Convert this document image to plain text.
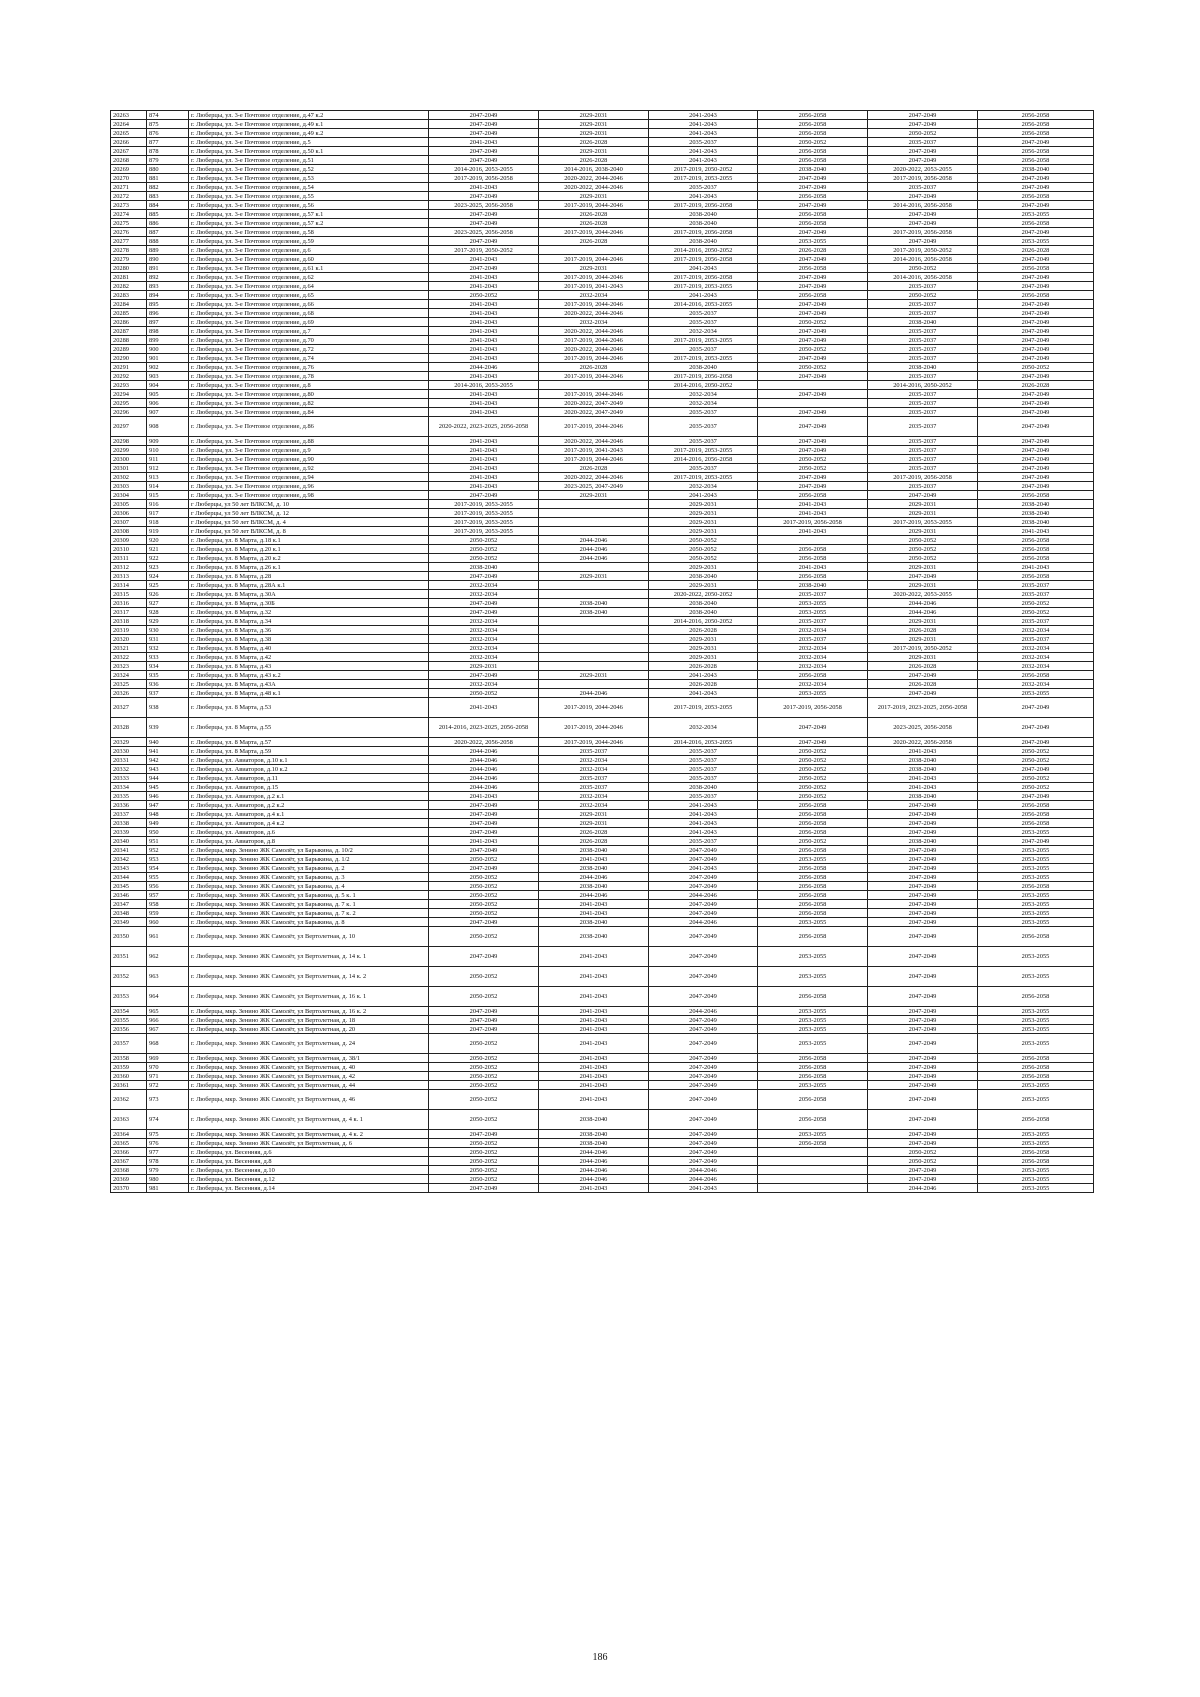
20263	874	г. Люберцы, ул. 3-е Почтовое отделение, д.47 к.2	2047-2049	2029-2031	2041-2043	2056-2058	2047-2049	2056-2058
20264	875	г. Люберцы, ул. 3-е Почтовое отделение, д.49 к.1	2047-2049	2029-2031	2041-2043	2056-2058	2047-2049	2056-2058
20265	876	г. Люберцы, ул. 3-е Почтовое отделение, д.49 к.2	2047-2049	2029-2031	2041-2043	2056-2058	2050-2052	2056-2058
20266	877	г. Люберцы, ул. 3-е Почтовое отделение, д.5	2041-2043	2026-2028	2035-2037	2050-2052	2035-2037	2047-2049
20267	878	г. Люберцы, ул. 3-е Почтовое отделение, д.50 к.1	2047-2049	2029-2031	2041-2043	2056-2058	2047-2049	2056-2058
20268	879	г. Люберцы, ул. 3-е Почтовое отделение, д.51	2047-2049	2026-2028	2041-2043	2056-2058	2047-2049	2056-2058
20269	880	г. Люберцы, ул. 3-е Почтовое отделение, д.52	2014-2016, 2053-2055	2014-2016, 2038-2040	2017-2019, 2050-2052	2038-2040	2020-2022, 2053-2055	2038-2040
20270	881	г. Люберцы, ул. 3-е Почтовое отделение, д.53	2017-2019, 2056-2058	2020-2022, 2044-2046	2017-2019, 2053-2055	2047-2049	2017-2019, 2056-2058	2047-2049
20271	882	г. Люберцы, ул. 3-е Почтовое отделение, д.54	2041-2043	2020-2022, 2044-2046	2035-2037	2047-2049	2035-2037	2047-2049
20272	883	г. Люберцы, ул. 3-е Почтовое отделение, д.55	2047-2049	2029-2031	2041-2043	2056-2058	2047-2049	2056-2058
20273	884	г. Люберцы, ул. 3-е Почтовое отделение, д.56	2023-2025, 2056-2058	2017-2019, 2044-2046	2017-2019, 2056-2058	2047-2049	2014-2016, 2056-2058	2047-2049
20274	885	г. Люберцы, ул. 3-е Почтовое отделение, д.57 к.1	2047-2049	2026-2028	2038-2040	2056-2058	2047-2049	2053-2055
20275	886	г. Люберцы, ул. 3-е Почтовое отделение, д.57 к.2	2047-2049	2026-2028	2038-2040	2056-2058	2047-2049	2056-2058
20276	887	г. Люберцы, ул. 3-е Почтовое отделение, д.58	2023-2025, 2056-2058	2017-2019, 2044-2046	2017-2019, 2056-2058	2047-2049	2017-2019, 2056-2058	2047-2049
20277	888	г. Люберцы, ул. 3-е Почтовое отделение, д.59	2047-2049	2026-2028	2038-2040	2053-2055	2047-2049	2053-2055
20278	889	г. Люберцы, ул. 3-е Почтовое отделение, д.6	2017-2019, 2050-2052		2014-2016, 2050-2052	2026-2028	2017-2019, 2050-2052	2026-2028
20279	890	г. Люберцы, ул. 3-е Почтовое отделение, д.60	2041-2043	2017-2019, 2044-2046	2017-2019, 2056-2058	2047-2049	2014-2016, 2056-2058	2047-2049
20280	891	г. Люберцы, ул. 3-е Почтовое отделение, д.61 к.1	2047-2049	2029-2031	2041-2043	2056-2058	2050-2052	2056-2058
20281	892	г. Люберцы, ул. 3-е Почтовое отделение, д.62	2041-2043	2017-2019, 2044-2046	2017-2019, 2056-2058	2047-2049	2014-2016, 2056-2058	2047-2049
20282	893	г. Люберцы, ул. 3-е Почтовое отделение, д.64	2041-2043	2017-2019, 2041-2043	2017-2019, 2053-2055	2047-2049	2035-2037	2047-2049
20283	894	г. Люберцы, ул. 3-е Почтовое отделение, д.65	2050-2052	2032-2034	2041-2043	2056-2058	2050-2052	2056-2058
20284	895	г. Люберцы, ул. 3-е Почтовое отделение, д.66	2041-2043	2017-2019, 2044-2046	2014-2016, 2053-2055	2047-2049	2035-2037	2047-2049
20285	896	г. Люберцы, ул. 3-е Почтовое отделение, д.68	2041-2043	2020-2022, 2044-2046	2035-2037	2047-2049	2035-2037	2047-2049
20286	897	г. Люберцы, ул. 3-е Почтовое отделение, д.69	2041-2043	2032-2034	2035-2037	2050-2052	2038-2040	2047-2049
20287	898	г. Люберцы, ул. 3-е Почтовое отделение, д.7	2041-2043	2020-2022, 2044-2046	2032-2034	2047-2049	2035-2037	2047-2049
20288	899	г. Люберцы, ул. 3-е Почтовое отделение, д.70	2041-2043	2017-2019, 2044-2046	2017-2019, 2053-2055	2047-2049	2035-2037	2047-2049
20289	900	г. Люберцы, ул. 3-е Почтовое отделение, д.72	2041-2043	2020-2022, 2044-2046	2035-2037	2050-2052	2035-2037	2047-2049
20290	901	г. Люберцы, ул. 3-е Почтовое отделение, д.74	2041-2043	2017-2019, 2044-2046	2017-2019, 2053-2055	2047-2049	2035-2037	2047-2049
20291	902	г. Люберцы, ул. 3-е Почтовое отделение, д.76	2044-2046	2026-2028	2038-2040	2050-2052	2038-2040	2050-2052
20292	903	г. Люберцы, ул. 3-е Почтовое отделение, д.78	2041-2043	2017-2019, 2044-2046	2017-2019, 2056-2058	2047-2049	2035-2037	2047-2049
20293	904	г. Люберцы, ул. 3-е Почтовое отделение, д.8	2014-2016, 2053-2055		2014-2016, 2050-2052		2014-2016, 2050-2052	2026-2028
20294	905	г. Люберцы, ул. 3-е Почтовое отделение, д.80	2041-2043	2017-2019, 2044-2046	2032-2034	2047-2049	2035-2037	2047-2049
20295	906	г. Люберцы, ул. 3-е Почтовое отделение, д.82	2041-2043	2020-2022, 2047-2049	2032-2034		2035-2037	2047-2049
20296	907	г. Люберцы, ул. 3-е Почтовое отделение, д.84	2041-2043	2020-2022, 2047-2049	2035-2037	2047-2049	2035-2037	2047-2049
20297	908	г. Люберцы, ул. 3-е Почтовое отделение, д.86	2020-2022, 2023-2025, 2056-2058	2017-2019, 2044-2046	2035-2037	2047-2049	2035-2037	2047-2049
20298	909	г. Люберцы, ул. 3-е Почтовое отделение, д.88	2041-2043	2020-2022, 2044-2046	2035-2037	2047-2049	2035-2037	2047-2049
20299	910	г. Люберцы, ул. 3-е Почтовое отделение, д.9	2041-2043	2017-2019, 2041-2043	2017-2019, 2053-2055	2047-2049	2035-2037	2047-2049
20300	911	г. Люберцы, ул. 3-е Почтовое отделение, д.90	2041-2043	2017-2019, 2044-2046	2014-2016, 2056-2058	2050-2052	2035-2037	2047-2049
20301	912	г. Люберцы, ул. 3-е Почтовое отделение, д.92	2041-2043	2026-2028	2035-2037	2050-2052	2035-2037	2047-2049
20302	913	г. Люберцы, ул. 3-е Почтовое отделение, д.94	2041-2043	2020-2022, 2044-2046	2017-2019, 2053-2055	2047-2049	2017-2019, 2056-2058	2047-2049
20303	914	г. Люберцы, ул. 3-е Почтовое отделение, д.96	2041-2043	2023-2025, 2047-2049	2032-2034	2047-2049	2035-2037	2047-2049
20304	915	г. Люберцы, ул. 3-е Почтовое отделение, д.98	2047-2049	2029-2031	2041-2043	2056-2058	2047-2049	2056-2058
20305	916	г Люберцы, ул 50 лет ВЛКСМ, д. 10	2017-2019, 2053-2055		2029-2031	2041-2043	2029-2031	2038-2040
20306	917	г Люберцы, ул 50 лет ВЛКСМ, д. 12	2017-2019, 2053-2055		2029-2031	2041-2043	2029-2031	2038-2040
20307	918	г Люберцы, ул 50 лет ВЛКСМ, д. 4	2017-2019, 2053-2055		2029-2031	2017-2019, 2056-2058	2017-2019, 2053-2055	2038-2040
20308	919	г Люберцы, ул 50 лет ВЛКСМ, д. 8	2017-2019, 2053-2055		2029-2031	2041-2043	2029-2031	2041-2043
20309	920	г. Люберцы, ул. 8 Марта, д.18 к.1	2050-2052	2044-2046	2050-2052		2050-2052	2056-2058
20310	921	г. Люберцы, ул. 8 Марта, д.20 к.1	2050-2052	2044-2046	2050-2052	2056-2058	2050-2052	2056-2058
20311	922	г. Люберцы, ул. 8 Марта, д.20 к.2	2050-2052	2044-2046	2050-2052	2056-2058	2050-2052	2056-2058
20312	923	г. Люберцы, ул. 8 Марта, д.26 к.1	2038-2040		2029-2031	2041-2043	2029-2031	2041-2043
20313	924	г. Люберцы, ул. 8 Марта, д.28	2047-2049	2029-2031	2038-2040	2056-2058	2047-2049	2056-2058
20314	925	г. Люберцы, ул. 8 Марта, д.28А к.1	2032-2034		2029-2031	2038-2040	2029-2031	2035-2037
20315	926	г. Люберцы, ул. 8 Марта, д.30А	2032-2034		2020-2022, 2050-2052	2035-2037	2020-2022, 2053-2055	2035-2037
20316	927	г. Люберцы, ул. 8 Марта, д.30Б	2047-2049	2038-2040	2038-2040	2053-2055	2044-2046	2050-2052
20317	928	г. Люберцы, ул. 8 Марта, д.32	2047-2049	2038-2040	2038-2040	2053-2055	2044-2046	2050-2052
20318	929	г. Люберцы, ул. 8 Марта, д.34	2032-2034		2014-2016, 2050-2052	2035-2037	2029-2031	2035-2037
20319	930	г. Люберцы, ул. 8 Марта, д.36	2032-2034		2026-2028	2032-2034	2026-2028	2032-2034
20320	931	г. Люберцы, ул. 8 Марта, д.38	2032-2034		2029-2031	2035-2037	2029-2031	2035-2037
20321	932	г. Люберцы, ул. 8 Марта, д.40	2032-2034		2029-2031	2032-2034	2017-2019, 2050-2052	2032-2034
20322	933	г. Люберцы, ул. 8 Марта, д.42	2032-2034		2029-2031	2032-2034	2029-2031	2032-2034
20323	934	г. Люберцы, ул. 8 Марта, д.43	2029-2031		2026-2028	2032-2034	2026-2028	2032-2034
20324	935	г. Люберцы, ул. 8 Марта, д.43 к.2	2047-2049	2029-2031	2041-2043	2056-2058	2047-2049	2056-2058
20325	936	г. Люберцы, ул. 8 Марта, д.43А	2032-2034		2026-2028	2032-2034	2026-2028	2032-2034
20326	937	г. Люберцы, ул. 8 Марта, д.48 к.1	2050-2052	2044-2046	2041-2043	2053-2055	2047-2049	2053-2055
20327	938	г. Люберцы, ул. 8 Марта, д.53	2041-2043	2017-2019, 2044-2046	2017-2019, 2053-2055	2017-2019, 2056-2058	2017-2019, 2023-2025, 2056-2058	2047-2049
20328	939	г. Люберцы, ул. 8 Марта, д.55	2014-2016, 2023-2025, 2056-2058	2017-2019, 2044-2046	2032-2034	2047-2049	2023-2025, 2056-2058	2047-2049
20329	940	г. Люберцы, ул. 8 Марта, д.57	2020-2022, 2056-2058	2017-2019, 2044-2046	2014-2016, 2053-2055	2047-2049	2020-2022, 2056-2058	2047-2049
20330	941	г. Люберцы, ул. 8 Марта, д.59	2044-2046	2035-2037	2035-2037	2050-2052	2041-2043	2050-2052
20331	942	г. Люберцы, ул. Авиаторов, д.10 к.1	2044-2046	2032-2034	2035-2037	2050-2052	2038-2040	2050-2052
20332	943	г. Люберцы, ул. Авиаторов, д.10 к.2	2044-2046	2032-2034	2035-2037	2050-2052	2038-2040	2047-2049
20333	944	г. Люберцы, ул. Авиаторов, д.11	2044-2046	2035-2037	2035-2037	2050-2052	2041-2043	2050-2052
20334	945	г. Люберцы, ул. Авиаторов, д.15	2044-2046	2035-2037	2038-2040	2050-2052	2041-2043	2050-2052
20335	946	г. Люберцы, ул. Авиаторов, д.2 к.1	2041-2043	2032-2034	2035-2037	2050-2052	2038-2040	2047-2049
20336	947	г. Люберцы, ул. Авиаторов, д.2 к.2	2047-2049	2032-2034	2041-2043	2056-2058	2047-2049	2056-2058
20337	948	г. Люберцы, ул. Авиаторов, д.4 к.1	2047-2049	2029-2031	2041-2043	2056-2058	2047-2049	2056-2058
20338	949	г. Люберцы, ул. Авиаторов, д.4 к.2	2047-2049	2029-2031	2041-2043	2056-2058	2047-2049	2056-2058
20339	950	г. Люберцы, ул. Авиаторов, д.6	2047-2049	2026-2028	2041-2043	2056-2058	2047-2049	2053-2055
20340	951	г. Люберцы, ул. Авиаторов, д.8	2041-2043	2026-2028	2035-2037	2050-2052	2038-2040	2047-2049
20341	952	г. Люберцы, мкр. Зенино ЖК Самолёт, ул Барыкина, д. 10/2	2047-2049	2038-2040	2047-2049	2056-2058	2047-2049	2053-2055
20342	953	г. Люберцы, мкр. Зенино ЖК Самолёт, ул Барыкина, д. 1/2	2050-2052	2041-2043	2047-2049	2053-2055	2047-2049	2053-2055
20343	954	г. Люберцы, мкр. Зенино ЖК Самолёт, ул Барыкина, д. 2	2047-2049	2038-2040	2041-2043	2056-2058	2047-2049	2053-2055
20344	955	г. Люберцы, мкр. Зенино ЖК Самолёт, ул Барыкина, д. 3	2050-2052	2044-2046	2047-2049	2056-2058	2047-2049	2053-2055
20345	956	г. Люберцы, мкр. Зенино ЖК Самолёт, ул Барыкина, д. 4	2050-2052	2038-2040	2047-2049	2056-2058	2047-2049	2056-2058
20346	957	г. Люберцы, мкр. Зенино ЖК Самолёт, ул Барыкина, д. 5 к. 1	2050-2052	2044-2046	2044-2046	2056-2058	2047-2049	2053-2055
20347	958	г. Люберцы, мкр. Зенино ЖК Самолёт, ул Барыкина, д. 7 к. 1	2050-2052	2041-2043	2047-2049	2056-2058	2047-2049	2053-2055
20348	959	г. Люберцы, мкр. Зенино ЖК Самолёт, ул Барыкина, д. 7 к. 2	2050-2052	2041-2043	2047-2049	2056-2058	2047-2049	2053-2055
20349	960	г. Люберцы, мкр. Зенино ЖК Самолёт, ул Барыкина, д. 8	2047-2049	2038-2040	2044-2046	2053-2055	2047-2049	2053-2055
20350	961	г. Люберцы, мкр. Зенино ЖК Самолёт, ул Вертолетная, д. 10	2050-2052	2038-2040	2047-2049	2056-2058	2047-2049	2056-2058
20351	962	г. Люберцы, мкр. Зенино ЖК Самолёт, ул Вертолетная, д. 14 к. 1	2047-2049	2041-2043	2047-2049	2053-2055	2047-2049	2053-2055
20352	963	г. Люберцы, мкр. Зенино ЖК Самолёт, ул Вертолетная, д. 14 к. 2	2050-2052	2041-2043	2047-2049	2053-2055	2047-2049	2053-2055
20353	964	г. Люберцы, мкр. Зенино ЖК Самолёт, ул Вертолетная, д. 16 к. 1	2050-2052	2041-2043	2047-2049	2056-2058	2047-2049	2056-2058
20354	965	г. Люберцы, мкр. Зенино ЖК Самолёт, ул Вертолетная, д. 16 к. 2	2047-2049	2041-2043	2044-2046	2053-2055	2047-2049	2053-2055
20355	966	г. Люберцы, мкр. Зенино ЖК Самолёт, ул Вертолетная, д. 18	2047-2049	2041-2043	2047-2049	2053-2055	2047-2049	2053-2055
20356	967	г. Люберцы, мкр. Зенино ЖК Самолёт, ул Вертолетная, д. 20	2047-2049	2041-2043	2047-2049	2053-2055	2047-2049	2053-2055
20357	968	г. Люберцы, мкр. Зенино ЖК Самолёт, ул Вертолетная, д. 24	2050-2052	2041-2043	2047-2049	2053-2055	2047-2049	2053-2055
20358	969	г. Люберцы, мкр. Зенино ЖК Самолёт, ул Вертолетная, д. 38/1	2050-2052	2041-2043	2047-2049	2056-2058	2047-2049	2056-2058
20359	970	г. Люберцы, мкр. Зенино ЖК Самолёт, ул Вертолетная, д. 40	2050-2052	2041-2043	2047-2049	2056-2058	2047-2049	2056-2058
20360	971	г. Люберцы, мкр. Зенино ЖК Самолёт, ул Вертолетная, д. 42	2050-2052	2041-2043	2047-2049	2056-2058	2047-2049	2056-2058
20361	972	г. Люберцы, мкр. Зенино ЖК Самолёт, ул Вертолетная, д. 44	2050-2052	2041-2043	2047-2049	2053-2055	2047-2049	2053-2055
20362	973	г. Люберцы, мкр. Зенино ЖК Самолёт, ул Вертолетная, д. 46	2050-2052	2041-2043	2047-2049	2056-2058	2047-2049	2053-2055
20363	974	г. Люберцы, мкр. Зенино ЖК Самолёт, ул Вертолетная, д. 4 к. 1	2050-2052	2038-2040	2047-2049	2056-2058	2047-2049	2056-2058
20364	975	г. Люберцы, мкр. Зенино ЖК Самолёт, ул Вертолетная, д. 4 к. 2	2047-2049	2038-2040	2047-2049	2053-2055	2047-2049	2053-2055
20365	976	г. Люберцы, мкр. Зенино ЖК Самолёт, ул Вертолетная, д. 6	2050-2052	2038-2040	2047-2049	2056-2058	2047-2049	2053-2055
20366	977	г. Люберцы, ул. Весенняя, д.6	2050-2052	2044-2046	2047-2049		2050-2052	2056-2058
20367	978	г. Люберцы, ул. Весенняя, д.8	2050-2052	2044-2046	2047-2049		2050-2052	2056-2058
20368	979	г. Люберцы, ул. Весенняя, д.10	2050-2052	2044-2046	2044-2046		2047-2049	2053-2055
20369	980	г. Люберцы, ул. Весенняя, д.12	2050-2052	2044-2046	2044-2046		2047-2049	2053-2055
20370	981	г. Люберцы, ул. Весенняя, д.14	2047-2049	2041-2043	2041-2043		2044-2046	2053-2055
186
